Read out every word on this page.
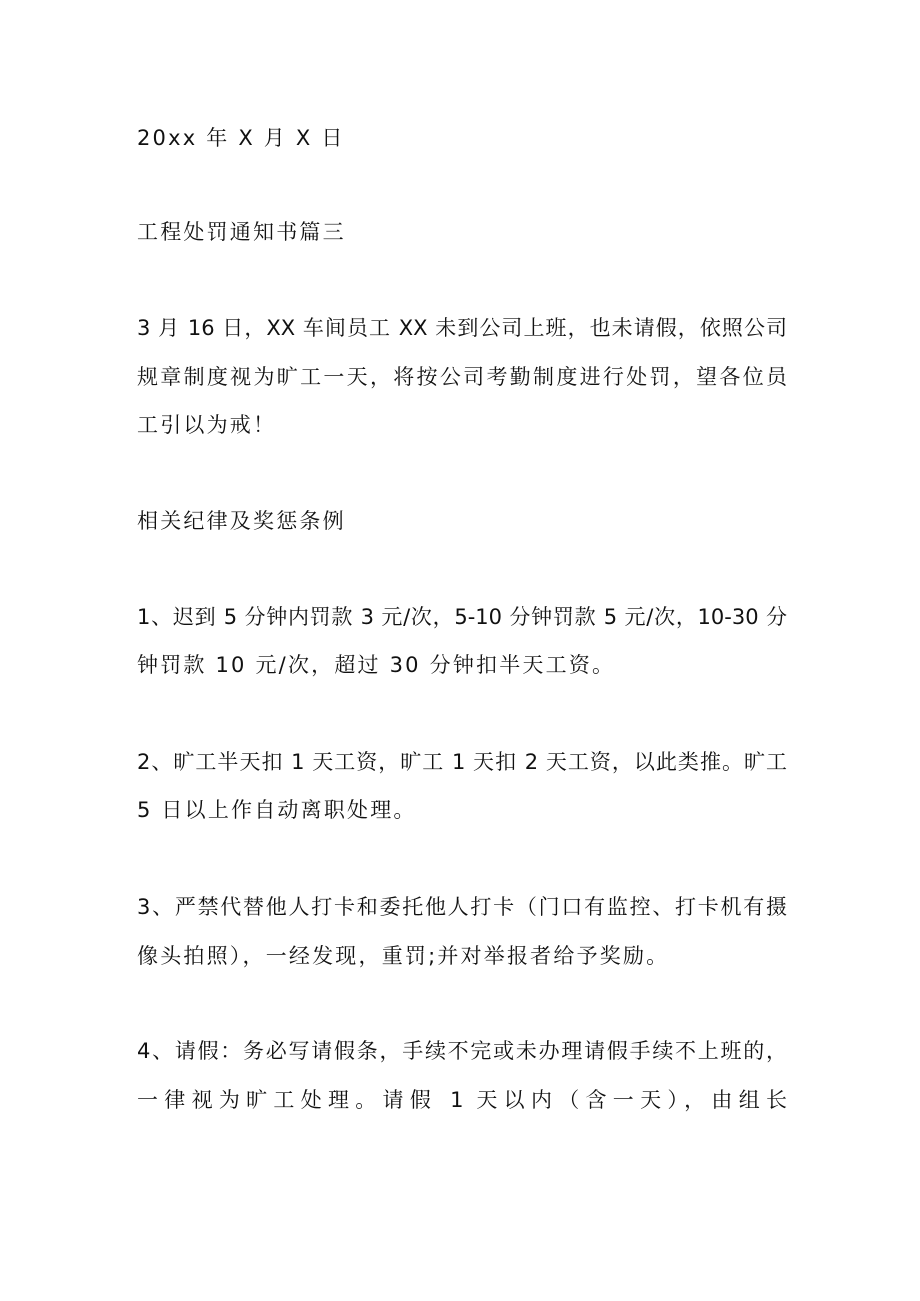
20xx 年 X 月 X 日
工程处罚通知书篇三
3 月 16 日，XX 车间员工 XX 未到公司上班，也未请假，依照公司
规章制度视为旷工一天，将按公司考勤制度进行处罚，望各位员
工引以为戒！
相关纪律及奖惩条例
1、迟到 5 分钟内罚款 3 元/次，5-10 分钟罚款 5 元/次，10-30 分
钟罚款 10 元/次，超过 30 分钟扣半天工资。
2、旷工半天扣 1 天工资，旷工 1 天扣 2 天工资，以此类推。旷工
5 日以上作自动离职处理。
3、严禁代替他人打卡和委托他人打卡（门口有监控、打卡机有摄
像头拍照），一经发现，重罚;并对举报者给予奖励。
4、请假：务必写请假条，手续不完或未办理请假手续不上班的，
一律视为旷工处理。请假 1 天以内（含一天），由组长
